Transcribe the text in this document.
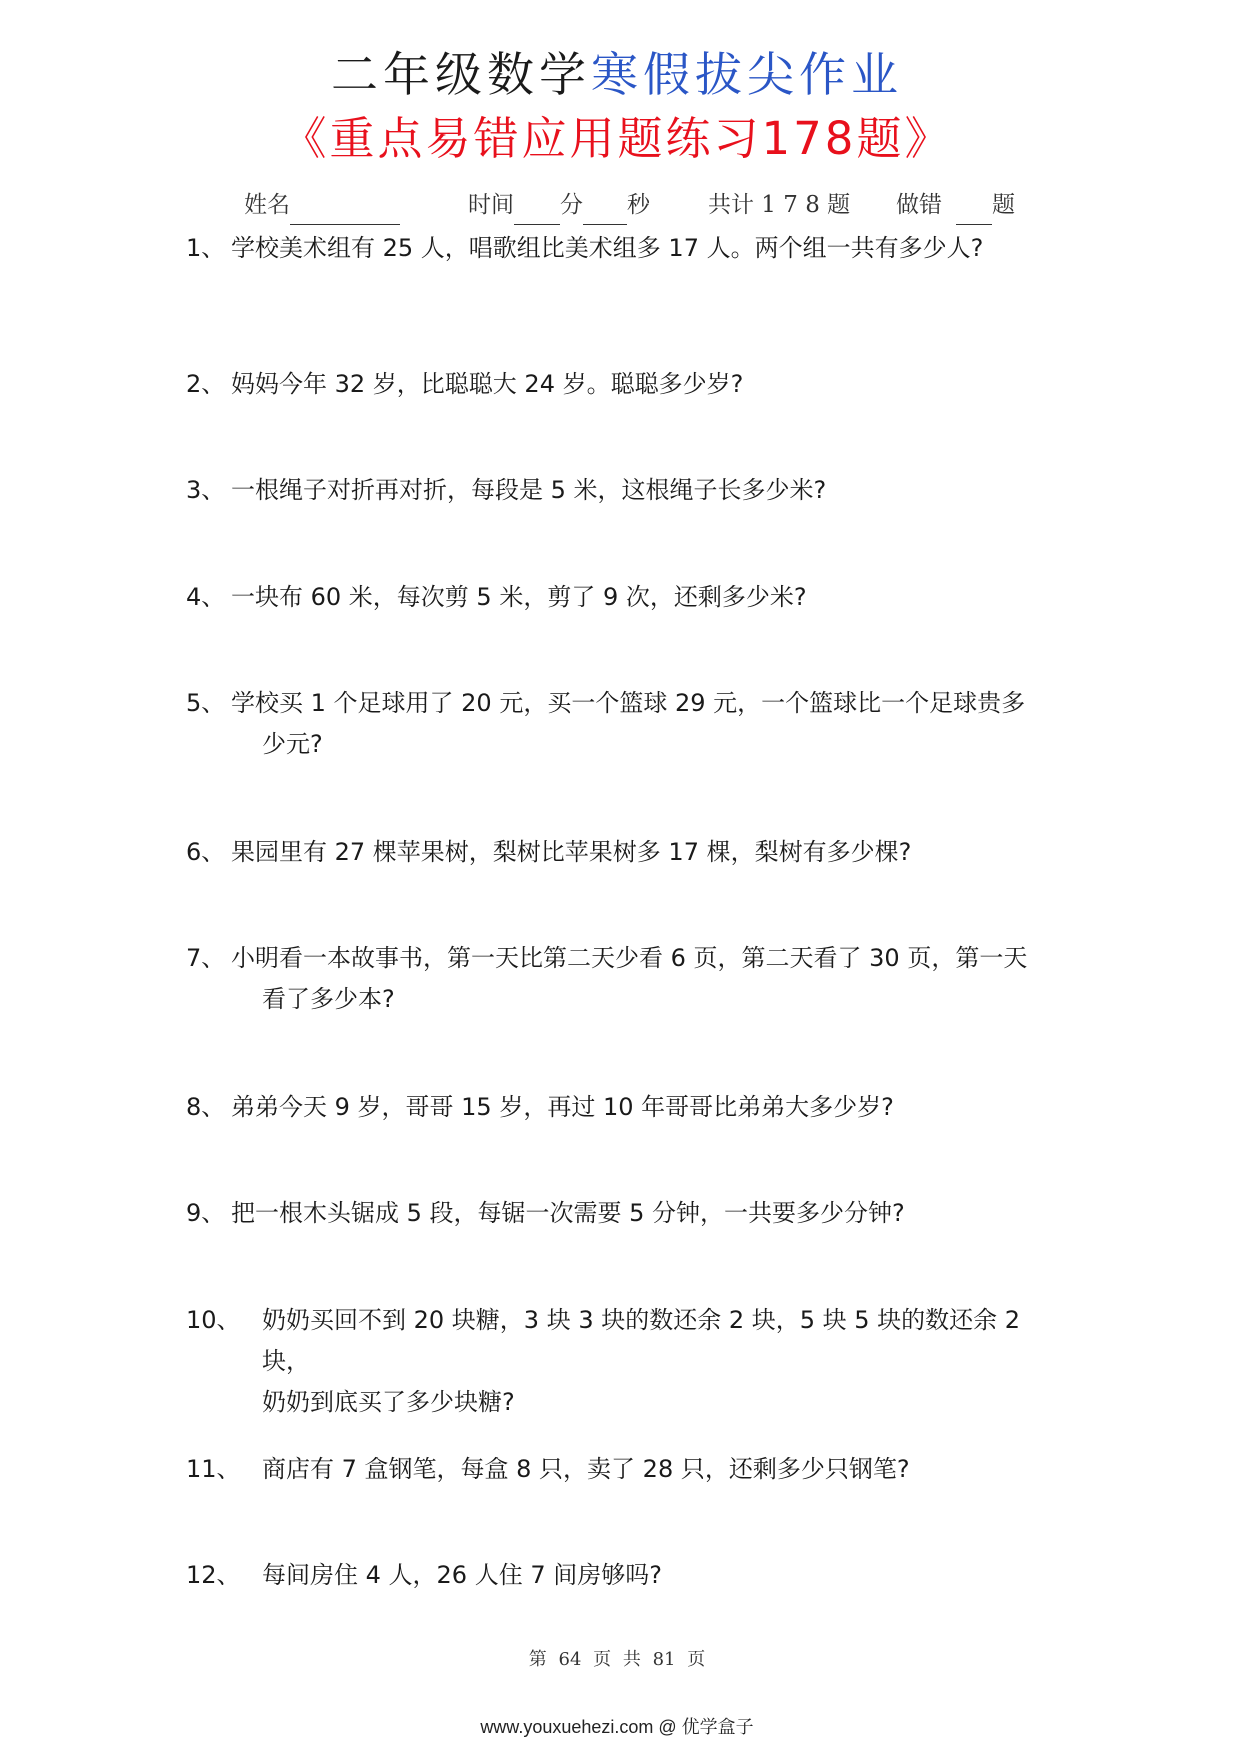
二年级数学寒假拔尖作业
《重点易错应用题练习178题》
姓名	时间 分 秒	共计 1 7 8 题 做错 题
1、 学校美术组有 25 人，唱歌组比美术组多 17 人。两个组一共有多少人?
2、 妈妈今年 32 岁，比聪聪大 24 岁。聪聪多少岁?
3、 一根绳子对折再对折，每段是 5 米，这根绳子长多少米?
4、 一块布 60 米，每次剪 5 米，剪了 9 次，还剩多少米?
5、 学校买 1 个足球用了 20 元，买一个篮球 29 元，一个篮球比一个足球贵多
少元?
6、 果园里有 27 棵苹果树，梨树比苹果树多 17 棵，梨树有多少棵?
7、 小明看一本故事书，第一天比第二天少看 6 页，第二天看了 30 页，第一天
看了多少本?
8、 弟弟今天 9 岁，哥哥 15 岁，再过 10 年哥哥比弟弟大多少岁?
9、 把一根木头锯成 5 段，每锯一次需要 5 分钟，一共要多少分钟?
10、 奶奶买回不到 20 块糖，3 块 3 块的数还余 2 块，5 块 5 块的数还余 2 块，
奶奶到底买了多少块糖?
11、 商店有 7 盒钢笔，每盒 8 只，卖了 28 只，还剩多少只钢笔?
12、 每间房住 4 人，26 人住 7 间房够吗?
第 64 页 共 81 页
www.youxuehezi.com @ 优学盒子
